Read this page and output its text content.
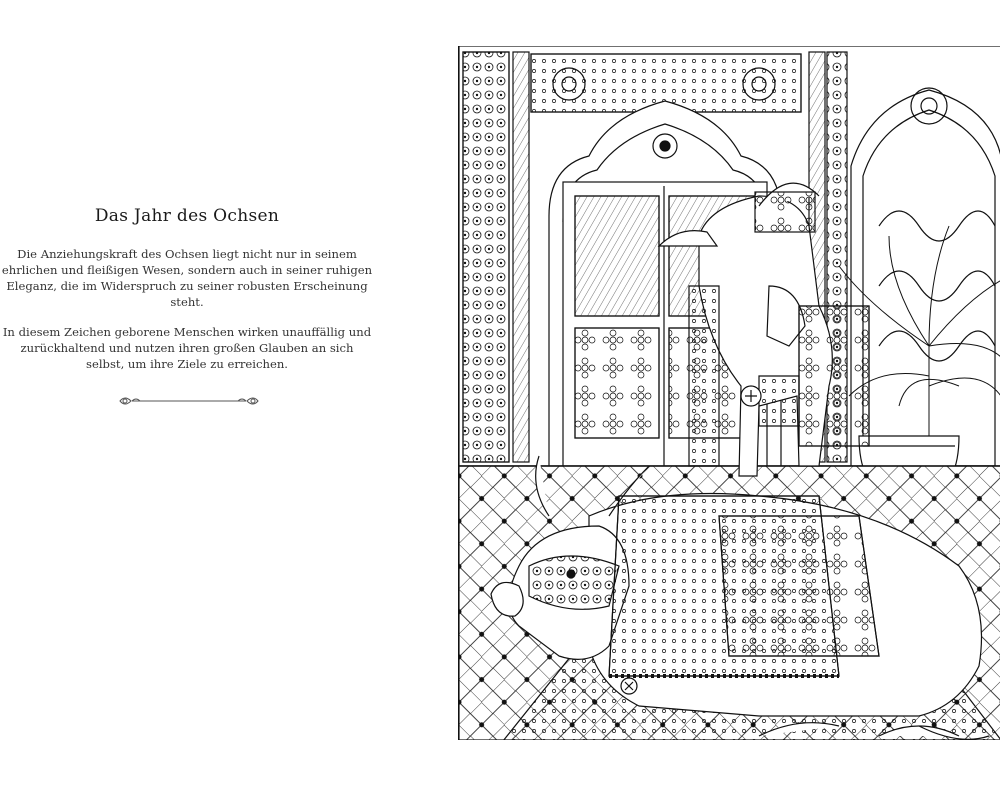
Das Jahr des Ochsen

Die Anziehungskraft des Ochsen liegt nicht nur in seinem ehrlichen und fleißigen Wesen, sondern auch in seiner ruhigen Eleganz, die im Widerspruch zu seiner robusten Erscheinung steht.

In diesem Zeichen geborene Menschen wirken unauffällig und zurückhaltend und nutzen ihren großen Glauben an sich selbst, um ihre Ziele zu erreichen.
